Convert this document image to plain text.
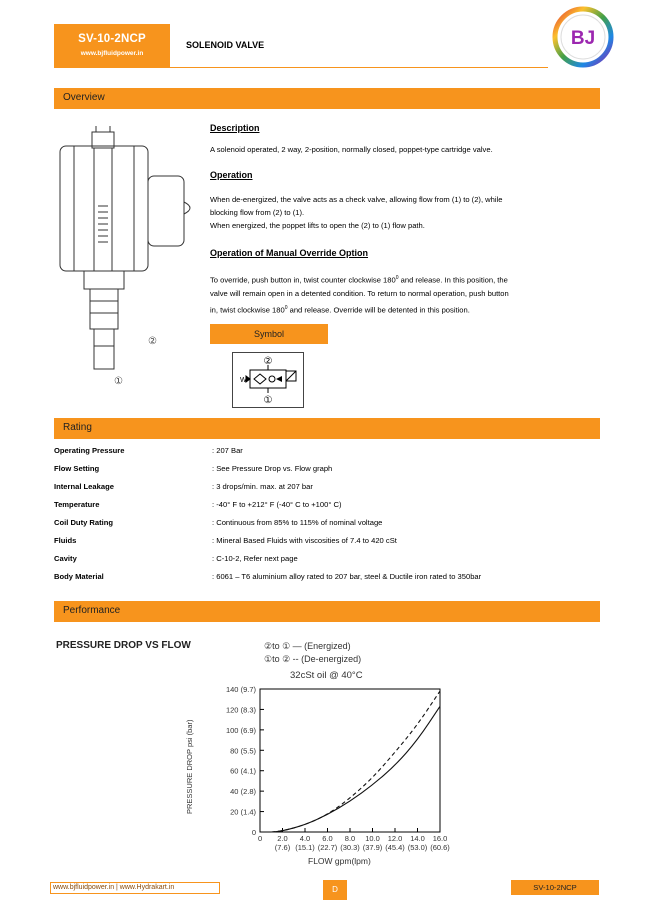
SV-10-2NCP
www.bjfluidpower.in
SOLENOID VALVE	BJ
Overview
②
①
Description
A solenoid operated, 2 way, 2-position, normally closed, poppet-type cartridge valve.
Operation
When de-energized, the valve acts as a check valve, allowing flow from (1) to (2), while
blocking flow from (2) to (1).
When energized, the poppet lifts to open the (2) to (1) flow path.
Operation of Manual Override Option
To override, push button in, twist counter clockwise $180^0$ and release. In this position, the
valve will remain open in a detented condition. To return to normal operation, push button
in, twist clockwise $180^0$ and release. Override will be detented in this position.
Symbol
②
①
W
Rating
Operating Pressure	: 207 Bar
Flow Setting	: See Pressure Drop vs. Flow graph
Internal Leakage	: 3 drops/min. max. at 207 bar
Temperature	: -40° F to +212° F (-40° C to +100° C)
Coil Duty Rating	: Continuous from 85% to 115% of nominal voltage
Fluids	: Mineral Based Fluids with viscosities of 7.4 to 420 cSt
Cavity	: C-10-2, Refer next page
Body Material	: 6061 – T6 aluminium alloy rated to 207 bar, steel & Ductile iron rated to 350bar
Performance
PRESSURE DROP VS FLOW	②to ① — (Energized)
①to ② -- (De-energized)
32cSt oil @ 40°C
0
20 (1.4)
40 (2.8)
60 (4.1)
80 (5.5)
100 (6.9)
120 (8.3)
140 (9.7)
2.0
(7.6)
4.0
(15.1)
6.0
(22.7)
8.0
(30.3)
10.0
(37.9)
12.0
(45.4)
14.0
(53.0)
16.0
(60.6)
0
FLOW gpm(lpm)
PRESSURE DROP psi (bar)
www.bjfluidpower.in | www.Hydrakart.in	D	SV-10-2NCP
